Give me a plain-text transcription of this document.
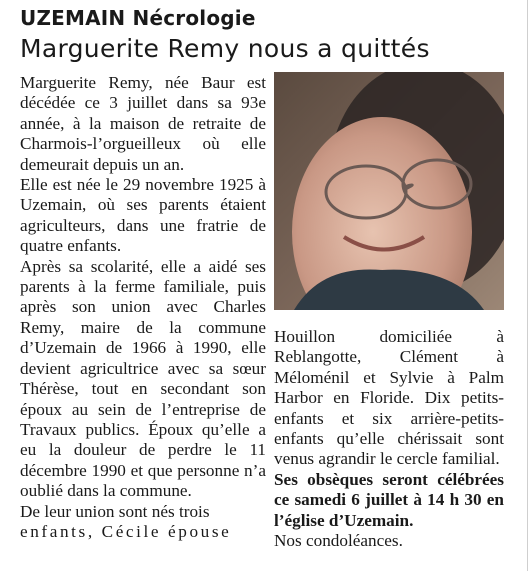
UZEMAIN Nécrologie
Marguerite Remy nous a quittés

Marguerite Remy, née Baur est décédée ce 3 juillet dans sa 93e année, à la maison de retraite de Charmois-l’orgueilleux où elle demeurait depuis un an.

Elle est née le 29 novembre 1925 à Uzemain, où ses parents étaient agriculteurs, dans une fratrie de quatre enfants.

Après sa scolarité, elle a aidé ses parents à la ferme familiale, puis après son union avec Charles Remy, maire de la commune d’Uzemain de 1966 à 1990, elle devient agricultrice avec sa sœur Thérèse, tout en secondant son époux au sein de l’entreprise de Travaux publics. Époux qu’elle a eu la douleur de perdre le 11 décembre 1990 et que personne n’a oublié dans la commune.

De leur union sont nés trois

enfants, Cécile épouse

Houillon domiciliée à Reblangotte, Clément à Méloménil et Sylvie à Palm Harbor en Floride. Dix petits-enfants et six arrière-petits-enfants qu’elle chérissait sont venus agrandir le cercle familial.

Ses obsèques seront célébrées ce samedi 6 juillet à 14 h 30 en l’église d’Uzemain.

Nos condoléances.
